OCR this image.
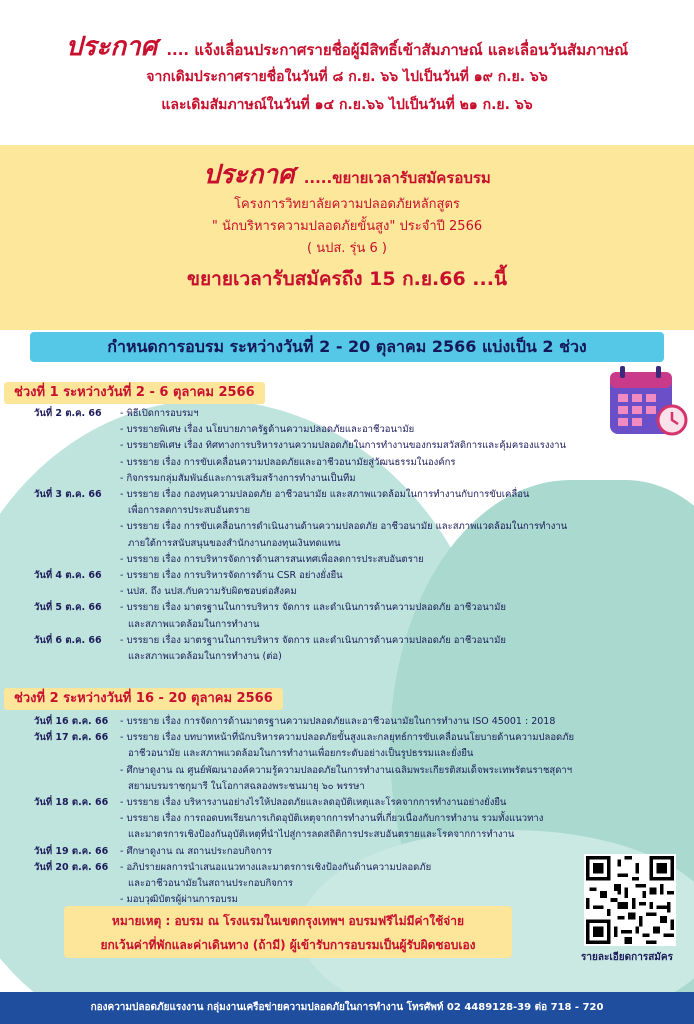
ประกาศ .... แจ้งเลื่อนประกาศรายชื่อผู้มีสิทธิ์เข้าสัมภาษณ์ และเลื่อนวันสัมภาษณ์
จากเดิมประกาศรายชื่อในวันที่ ๘ ก.ย. ๖๖ ไปเป็นวันที่ ๑๙ ก.ย. ๖๖
และเดิมสัมภาษณ์ในวันที่ ๑๔ ก.ย.๖๖ ไปเป็นวันที่ ๒๑ ก.ย. ๖๖
ประกาศ .....ขยายเวลารับสมัครอบรม
โครงการวิทยาลัยความปลอดภัยหลักสูตร
" นักบริหารความปลอดภัยขั้นสูง" ประจำปี 2566
( นปส. รุ่น 6 )
ขยายเวลารับสมัครถึง 15 ก.ย.66 ...นี้
กำหนดการอบรม ระหว่างวันที่ 2 - 20 ตุลาคม 2566 แบ่งเป็น 2 ช่วง
ช่วงที่ 1 ระหว่างวันที่ 2 - 6 ตุลาคม 2566
วันที่ 2 ต.ค. 66	- พิธีเปิดการอบรมฯ
- บรรยายพิเศษ เรื่อง นโยบายภาครัฐด้านความปลอดภัยและอาชีวอนามัย
- บรรยายพิเศษ เรื่อง ทิศทางการบริหารงานความปลอดภัยในการทำงานของกรมสวัสดิการและคุ้มครองแรงงาน
- บรรยาย เรื่อง การขับเคลื่อนความปลอดภัยและอาชีวอนามัยสู่วัฒนธรรมในองค์กร
- กิจกรรมกลุ่มสัมพันธ์และการเสริมสร้างการทำงานเป็นทีม
วันที่ 3 ต.ค. 66	- บรรยาย เรื่อง กองทุนความปลอดภัย อาชีวอนามัย และสภาพแวดล้อมในการทำงานกับการขับเคลื่อน
เพื่อการลดการประสบอันตราย
- บรรยาย เรื่อง การขับเคลื่อนการดำเนินงานด้านความปลอดภัย อาชีวอนามัย และสภาพแวดล้อมในการทำงาน
ภายใต้การสนับสนุนของสำนักงานกองทุนเงินทดแทน
- บรรยาย เรื่อง การบริหารจัดการด้านสารสนเทศเพื่อลดการประสบอันตราย
วันที่ 4 ต.ค. 66	- บรรยาย เรื่อง การบริหารจัดการด้าน CSR อย่างยั่งยืน
- นปส. ถึง นปส.กับความรับผิดชอบต่อสังคม
วันที่ 5 ต.ค. 66	- บรรยาย เรื่อง มาตรฐานในการบริหาร จัดการ และดำเนินการด้านความปลอดภัย อาชีวอนามัย
และสภาพแวดล้อมในการทำงาน
วันที่ 6 ต.ค. 66	- บรรยาย เรื่อง มาตรฐานในการบริหาร จัดการ และดำเนินการด้านความปลอดภัย อาชีวอนามัย
และสภาพแวดล้อมในการทำงาน (ต่อ)
ช่วงที่ 2 ระหว่างวันที่ 16 - 20 ตุลาคม 2566
วันที่ 16 ต.ค. 66	- บรรยาย เรื่อง การจัดการด้านมาตรฐานความปลอดภัยและอาชีวอนามัยในการทำงาน ISO 45001 : 2018
วันที่ 17 ต.ค. 66	- บรรยาย เรื่อง บทบาทหน้าที่นักบริหารความปลอดภัยขั้นสูงและกลยุทธ์การขับเคลื่อนนโยบายด้านความปลอดภัย
อาชีวอนามัย และสภาพแวดล้อมในการทำงานเพื่อยกระดับอย่างเป็นรูปธรรมและยั่งยืน
- ศึกษาดูงาน ณ ศูนย์พัฒนาองค์ความรู้ความปลอดภัยในการทำงานเฉลิมพระเกียรติสมเด็จพระเทพรัตนราชสุดาฯ
สยามบรมราชกุมารี ในโอกาสฉลองพระชนมายุ ๖๐ พรรษา
วันที่ 18 ต.ค. 66	- บรรยาย เรื่อง บริหารงานอย่างไรให้ปลอดภัยและลดอุบัติเหตุและโรคจากการทำงานอย่างยั่งยืน
- บรรยาย เรื่อง การถอดบทเรียนการเกิดอุบัติเหตุจากการทำงานที่เกี่ยวเนื่องกับการทำงาน รวมทั้งแนวทาง
และมาตรการเชิงป้องกันอุบัติเหตุที่นำไปสู่การลดสถิติการประสบอันตรายและโรคจากการทำงาน
วันที่ 19 ต.ค. 66	- ศึกษาดูงาน ณ สถานประกอบกิจการ
วันที่ 20 ต.ค. 66	- อภิปรายผลการนำเสนอแนวทางและมาตรการเชิงป้องกันด้านความปลอดภัย
และอาชีวอนามัยในสถานประกอบกิจการ
- มอบวุฒิบัตรผู้ผ่านการอบรม
หมายเหตุ : อบรม ณ โรงแรมในเขตกรุงเทพฯ อบรมฟรีไม่มีค่าใช้จ่าย
ยกเว้นค่าที่พักและค่าเดินทาง (ถ้ามี) ผู้เข้ารับการอบรมเป็นผู้รับผิดชอบเอง
รายละเอียดการสมัคร
กองความปลอดภัยแรงงาน กลุ่มงานเครือข่ายความปลอดภัยในการทำงาน โทรศัพท์ 02 4489128-39 ต่อ 718 - 720
